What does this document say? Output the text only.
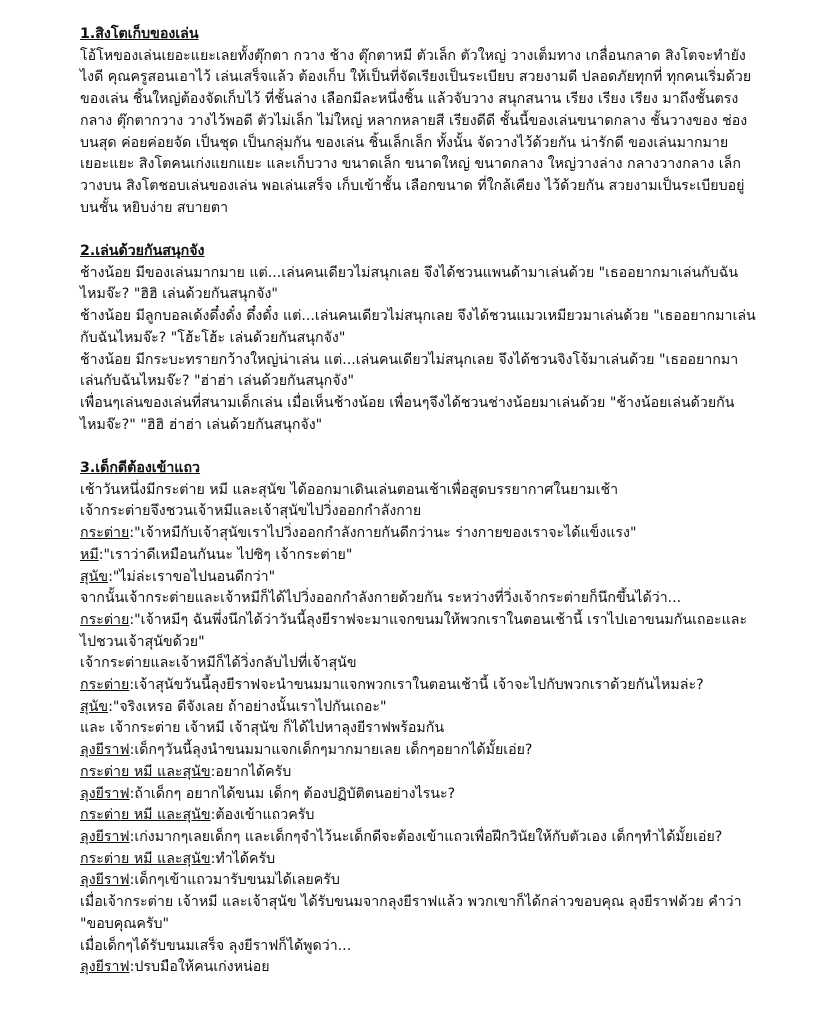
1.สิงโตเก็บของเล่น

โอ้โหของเล่นเยอะแยะเลยทั้งตุ๊กตา กวาง ช้าง ตุ๊กตาหมี ตัวเล็ก ตัวใหญ่ วางเต็มทาง เกลื่อนกลาด สิงโตจะทำยังไงดี คุณครูสอนเอาไว้ เล่นเสร็จแล้ว ต้องเก็บ ให้เป็นที่จัดเรียงเป็นระเบียบ สวยงามดี ปลอดภัยทุกที่ ทุกคนเริ่มด้วยของเล่น ชิ้นใหญ่ต้องจัดเก็บไว้ ที่ชั้นล่าง เลือกมีละหนึ่งชิ้น แล้วจับวาง สนุกสนาน เรียง เรียง เรียง มาถึงชั้นตรงกลาง ตุ๊กตากวาง วางไว้พอดี ตัวไม่เล็ก ไม่ใหญ่ หลากหลายสี เรียงดีดี ชั้นนี้ของเล่นขนาดกลาง ชั้นวางของ ช่องบนสุด ค่อยค่อยจัด เป็นชุด เป็นกลุ่มกัน ของเล่น ชิ้นเล็กเล็ก ทั้งนั้น จัดวางไว้ด้วยกัน น่ารักดี ของเล่นมากมาย เยอะแยะ สิงโตคนเก่งแยกแยะ และเก็บวาง ขนาดเล็ก ขนาดใหญ่ ขนาดกลาง ใหญ่วางล่าง กลางวางกลาง เล็กวางบน สิงโตชอบเล่นของเล่น พอเล่นเสร็จ เก็บเข้าชั้น เลือกขนาด ที่ใกล้เคียง ไว้ด้วยกัน สวยงามเป็นระเบียบอยู่บนชั้น หยิบง่าย สบายตา

2.เล่นด้วยกันสนุกจัง

ช้างน้อย มีของเล่นมากมาย แต่...เล่นคนเดียวไม่สนุกเลย จึงได้ชวนแพนด้ามาเล่นด้วย "เธออยากมาเล่นกับฉันไหมจ๊ะ? "ฮิฮิ เล่นด้วยกันสนุกจัง"

ช้างน้อย มีลูกบอลเด้งดึ๋งดั๋ง ดึ๋งดั๋ง แต่...เล่นคนเดียวไม่สนุกเลย จึงได้ชวนแมวเหมียวมาเล่นด้วย "เธออยากมาเล่นกับฉันไหมจ๊ะ? "โฮ้ะโฮ้ะ เล่นด้วยกันสนุกจัง"

ช้างน้อย มีกระบะทรายกว้างใหญ่น่าเล่น แต่...เล่นคนเดียวไม่สนุกเลย จึงได้ชวนจิงโจ้มาเล่นด้วย "เธออยากมาเล่นกับฉันไหมจ๊ะ? "ฮ่าฮ่า เล่นด้วยกันสนุกจัง"

เพื่อนๆเล่นของเล่นที่สนามเด็กเล่น เมื่อเห็นช้างน้อย เพื่อนๆจึงได้ชวนช่างน้อยมาเล่นด้วย "ช้างน้อยเล่นด้วยกันไหมจ๊ะ?" "ฮิฮิ ฮ่าฮ่า เล่นด้วยกันสนุกจัง"

3.เด็กดีต้องเข้าแถว

เช้าวันหนึ่งมีกระต่าย หมี และสุนัข ได้ออกมาเดินเล่นตอนเช้าเพื่อสูดบรรยากาศในยามเช้า

เจ้ากระต่ายจึงชวนเจ้าหมีและเจ้าสุนัขไปวิ่งออกกำลังกาย

กระต่าย:"เจ้าหมีกับเจ้าสุนัขเราไปวิ่งออกกำลังกายกันดีกว่านะ ร่างกายของเราจะได้แข็งแรง"

หมี:"เราว่าดีเหมือนกันนะ ไปซิๆ เจ้ากระต่าย"

สุนัข:"ไม่ล่ะเราขอไปนอนดีกว่า"

จากนั้นเจ้ากระต่ายและเจ้าหมีก็ได้ไปวิ่งออกกำลังกายด้วยกัน ระหว่างที่วิ่งเจ้ากระต่ายก็นึกขึ้นได้ว่า...

กระต่าย:"เจ้าหมีๆ ฉันพึ่งนึกได้ว่าวันนี้ลุงยีราฟจะมาแจกขนมให้พวกเราในตอนเช้านี้ เราไปเอาขนมกันเถอะและไปชวนเจ้าสุนัขด้วย"

เจ้ากระต่ายและเจ้าหมีก็ได้วิ่งกลับไปที่เจ้าสุนัข

กระต่าย:เจ้าสุนัขวันนี้ลุงยีราฟจะนำขนมมาแจกพวกเราในตอนเช้านี้ เจ้าจะไปกับพวกเราด้วยกันไหมล่ะ?

สุนัข:"จริงเหรอ ดีจังเลย ถ้าอย่างนั้นเราไปกันเถอะ"

และ เจ้ากระต่าย เจ้าหมี เจ้าสุนัข ก็ได้ไปหาลุงยีราฟพร้อมกัน

ลุงยีราฟ:เด็กๆวันนี้ลุงนำขนมมาแจกเด็กๆมากมายเลย เด็กๆอยากได้มั้ยเอ่ย?

กระต่าย หมี และสุนัข:อยากได้ครับ

ลุงยีราฟ:ถ้าเด็กๆ อยากได้ขนม เด็กๆ ต้องปฏิบัติตนอย่างไรนะ?

กระต่าย หมี และสุนัข:ต้องเข้าแถวครับ

ลุงยีราฟ:เก่งมากๆเลยเด็กๆ และเด็กๆจำไว้นะเด็กดีจะต้องเข้าแถวเพื่อฝึกวินัยให้กับตัวเอง เด็กๆทำได้มั้ยเอ่ย?

กระต่าย หมี และสุนัข:ทำได้ครับ

ลุงยีราฟ:เด็กๆเข้าแถวมารับขนมได้เลยครับ

เมื่อเจ้ากระต่าย เจ้าหมี และเจ้าสุนัข ได้รับขนมจากลุงยีราฟแล้ว พวกเขาก็ได้กล่าวขอบคุณ ลุงยีราฟด้วย คำว่า "ขอบคุณครับ"

เมื่อเด็กๆได้รับขนมเสร็จ ลุงยีราฟก็ได้พูดว่า...

ลุงยีราฟ:ปรบมือให้คนเก่งหน่อย
